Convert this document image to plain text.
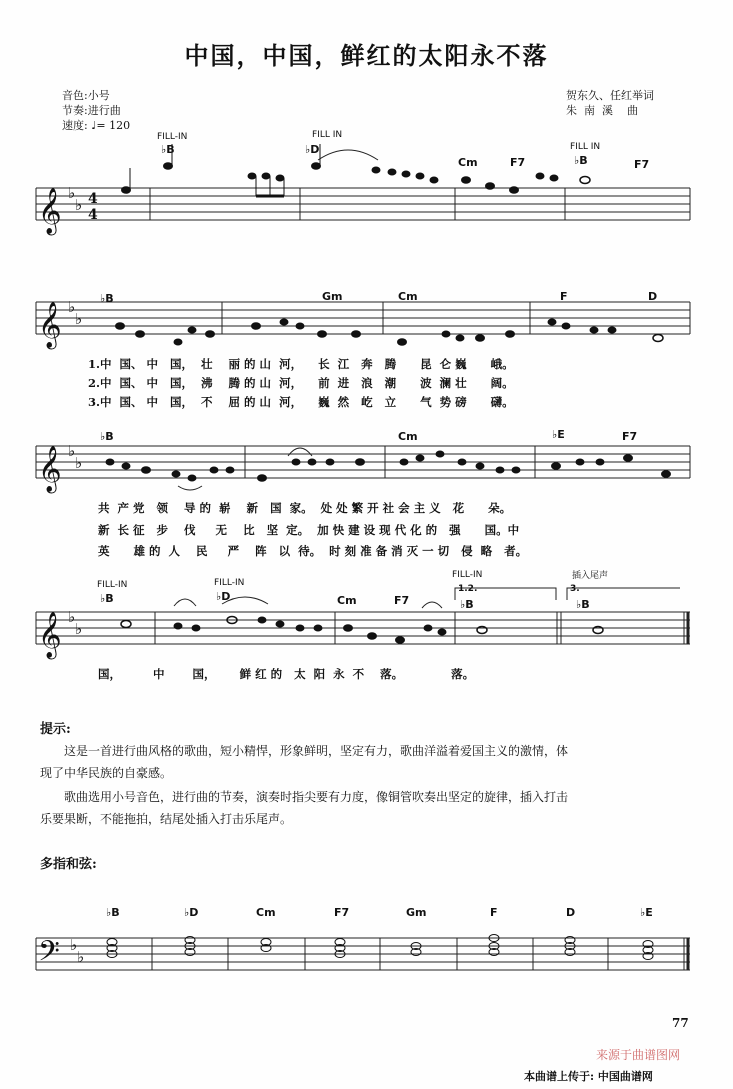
中国，中国，鲜红的太阳永不落
音色:小号
节奏:进行曲
速度: ♩= 120
贺东久、任红举词
朱  南  溪    曲
𝄞
𝄞
𝄞
𝄞
𝄢
♭
♭
♭
♭
♭
♭
♭
♭
♭
♭
4
4
FILL-IN	FILL IN
FILL IN
♭B	♭D
Cm	F7	♭B	F7
♭B	Gm	Cm	F	D
1.中  国、 中   国，  壮    丽 的 山  河，    长  江   奔   腾      昆  仑 巍      峨。
2.中  国、 中   国，  沸    腾 的 山  河，    前  进   浪   潮      波  澜 壮      阔。
3.中  国、 中   国，  不    屈 的 山  河，    巍  然   屹   立      气  势 磅      礴。
♭B	Cm	♭E	F7
共  产 党   领    导 的  崭    新   国  家。  处 处 繁 开 社 会 主 义   花      朵。
新  长 征   步    伐     无    比   坚  定。  加 快 建 设 现 代 化 的   强      国。中
英      雄 的  人    民     严    阵   以  待。  时 刻 准 备 消 灭 一 切   侵  略   者。
FILL-IN	FILL-IN
FILL-IN	插入尾声
♭B	♭D	Cm	F7	♭B	♭B
1.2.	3.
国，        中       国，      鲜 红 的   太  阳  永  不    落。            落。
提示:
这是一首进行曲风格的歌曲，短小精悍，形象鲜明，坚定有力，歌曲洋溢着爱国主义的激情，体
现了中华民族的自豪感。
歌曲选用小号音色，进行曲的节奏，演奏时指尖要有力度，像铜管吹奏出坚定的旋律，插入打击
乐要果断，不能拖拍，结尾处插入打击乐尾声。
多指和弦:
♭B	♭D	Cm	F7	Gm	F	D	♭E
77
来源于曲谱图网
本曲谱上传于: 中国曲谱网
